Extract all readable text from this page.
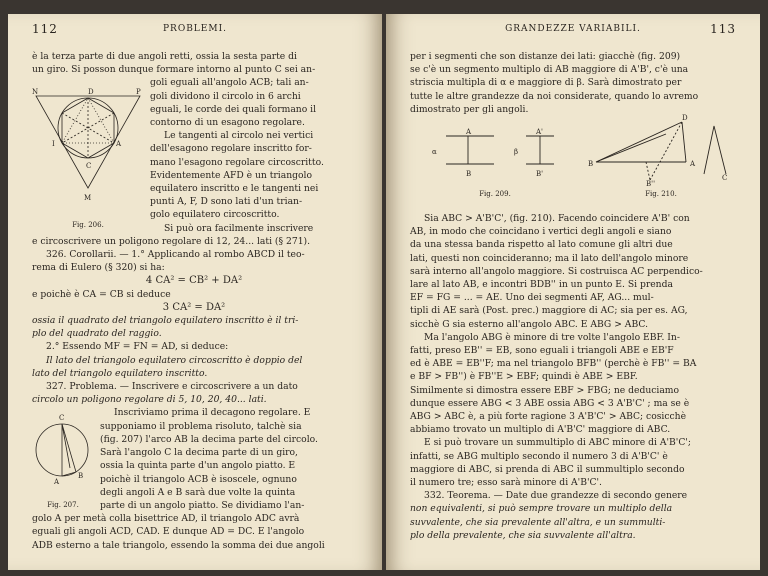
112	PROBLEMI.

è la terza parte di due angoli retti, ossia la sesta parte di

un giro. Si posson dunque formare intorno al punto C sei an-

N	D	P
A
I
C
M
Fig. 206.

goli eguali all'angolo ACB; tali an-

goli dividono il circolo in 6 archi

eguali, le corde dei quali formano il

contorno di un esagono regolare.

Le tangenti al circolo nei vertici

dell'esagono regolare inscritto for-

mano l'esagono regolare circoscritto.

Evidentemente AFD è un triangolo

equilatero inscritto e le tangenti nei

punti A, F, D sono lati d'un trian-

golo equilatero circoscritto.

Si può ora facilmente inscrivere

e circoscrivere un poligono regolare di 12, 24... lati (§ 271).

326. Corollarii. — 1.° Applicando al rombo ABCD il teo-

rema di Eulero (§ 320) si ha:

4 CA² = CB² + DA²

e poichè è CA = CB si deduce

3 CA² = DA²

ossia il quadrato del triangolo equilatero inscritto è il tri-

plo del quadrato del raggio.

2.° Essendo MF = FN = AD, si deduce:

Il lato del triangolo equilatero circoscritto è doppio del

lato del triangolo equilatero inscritto.

327. Problema. — Inscrivere e circoscrivere a un dato

circolo un poligono regolare di 5, 10, 20, 40... lati.

C
A
B
Fig. 207.

Inscriviamo prima il decagono regolare. E

supponiamo il problema risoluto, talchè sia

(fig. 207) l'arco AB la decima parte del circolo.

Sarà l'angolo C la decima parte di un giro,

ossia la quinta parte d'un angolo piatto. E

poichè il triangolo ACB è isoscele, ognuno

degli angoli A e B sarà due volte la quinta

parte di un angolo piatto. Se dividiamo l'an-

golo A per metà colla bisettrice AD, il triangolo ADC avrà

eguali gli angoli ACD, CAD. E dunque AD = DC. E l'angolo

ADB esterno a tale triangolo, essendo la somma dei due angoli

GRANDEZZE VARIABILI.	113

per i segmenti che son distanze dei lati: giacchè (fig. 209)

se c'è un segmento multiplo di AB maggiore di A'B', c'è una

striscia multipla di α e maggiore di β. Sarà dimostrato per

tutte le altre grandezze da noi considerate, quando lo avremo

dimostrato per gli angoli.

α	β
A
B
A'
B'
Fig. 209.
D
A
B
B''
C
Fig. 210.

Sia ABC > A'B'C', (fig. 210). Facendo coincidere A'B' con

AB, in modo che coincidano i vertici degli angoli e siano

da una stessa banda rispetto al lato comune gli altri due

lati, questi non coincideranno; ma il lato dell'angolo minore

sarà interno all'angolo maggiore. Si costruisca AC perpendico-

lare al lato AB, e incontri BDB'' in un punto E. Si prenda

EF = FG = ... = AE. Uno dei segmenti AF, AG... mul-

tipli di AE sarà (Post. prec.) maggiore di AC; sia per es. AG,

sicchè G sia esterno all'angolo ABC. E ABG > ABC.

Ma l'angolo ABG è minore di tre volte l'angolo EBF. In-

fatti, preso EB'' = EB, sono eguali i triangoli ABE e EB'F

ed è ABE = EB''F; ma nel triangolo BFB'' (perchè è FB'' = BA

e BF > FB'') è FB''E > EBF; quindi è ABE > EBF.

Similmente si dimostra essere EBF > FBG; ne deduciamo

dunque essere ABG < 3 ABE ossia ABG < 3 A'B'C' ; ma se è

ABG > ABC è, a più forte ragione 3 A'B'C' > ABC; cosicchè

abbiamo trovato un multiplo di A'B'C' maggiore di ABC.

E si può trovare un summultiplo di ABC minore di A'B'C';

infatti, se ABG multiplo secondo il numero 3 di A'B'C' è

maggiore di ABC, si prenda di ABC il summultiplo secondo

il numero tre; esso sarà minore di A'B'C'.

332. Teorema. — Date due grandezze di secondo genere

non equivalenti, si può sempre trovare un multiplo della

suvvalente, che sia prevalente all'altra, e un summulti-

plo della prevalente, che sia suvvalente all'altra.
